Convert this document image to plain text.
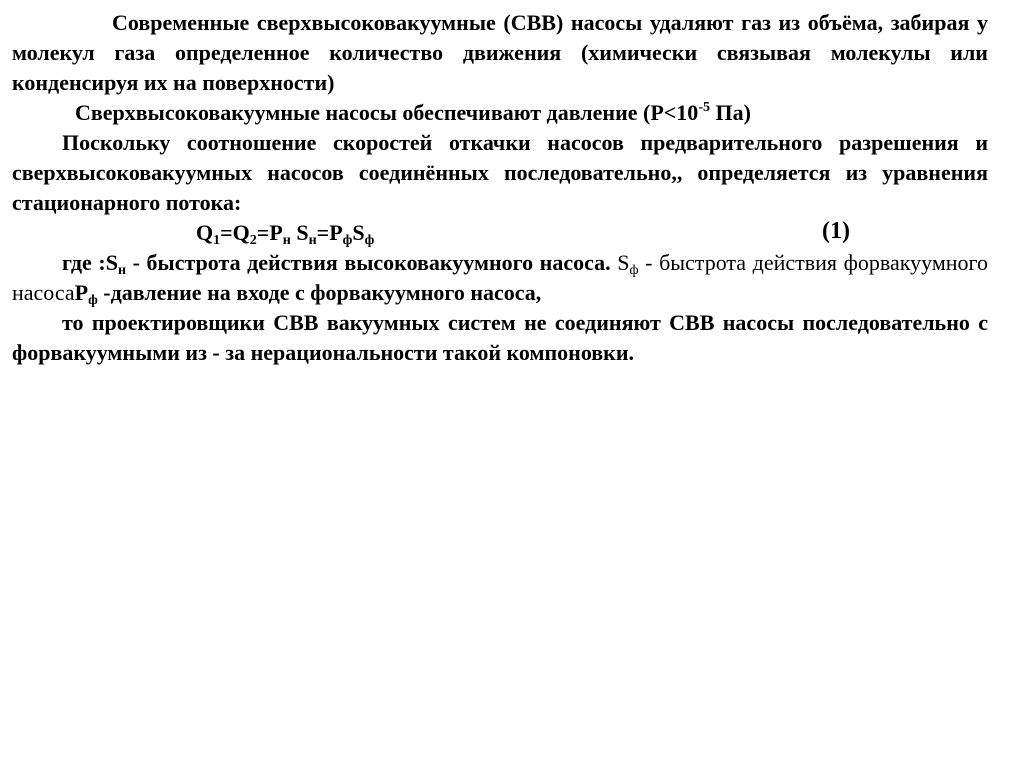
Современные сверхвысоковакуумные (СВВ) насосы удаляют газ из объёма, забирая у молекул газа определенное количество движения (химически связывая молекулы или конденсируя их на поверхности)

Сверхвысоковакуумные насосы обеспечивают давление ($P<10^{-5}$ Па)

Поскольку соотношение скоростей откачки насосов предварительного разрешения и сверхвысоковакуумных насосов соединённых последовательно,, определяется из уравнения стационарного потока:

$Q_1=Q_2=P_н$ $S_н=P_фS_ф$	(1)

где $:S_н$ - быстрота действия высоковакуумного насоса. $S_ф$ - быстрота действия форвакуумного насосаР$_ф$ -давление на входе с форвакуумного насоса,

то проектировщики СВВ вакуумных систем не соединяют СВВ насосы последовательно с форвакуумными из - за нерациональности такой компоновки.
